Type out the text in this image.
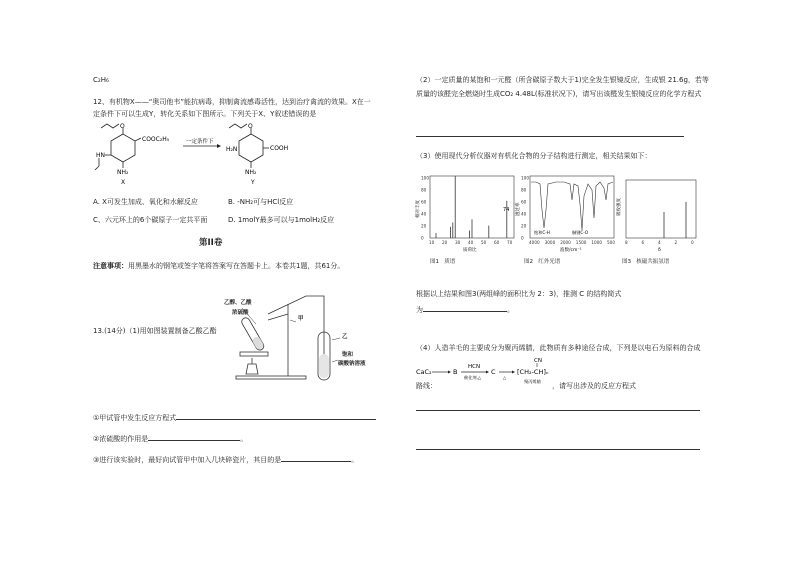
C₂H₆
12、有机物X——“奥司他韦”能抗病毒，抑制禽流感毒活性，达到治疗禽流的效果。X在一
定条件下可以生成Y，转化关系如下图所示。下列关于X、Y叙述错误的是
O
COOC₂H₅
HN
NH₂
X
一定条件下
O
COOH
H₂N
NH₂
Y
A. X可发生加成、氧化和水解反应	B. -NH₂可与HCl反应
C、六元环上的6个碳原子一定共平面	D. 1molY最多可以与1molH₂反应
第II卷
注意事项：用黑墨水的钢笔或签字笔将答案写在答题卡上。本卷共1题，共61分。
13.(14分)（1)用如图装置制备乙酸乙酯
乙醇、乙酸
浓硫酸
甲
乙
饱和
碳酸钠溶液
①甲试管中发生反应方程式
②浓硫酸的作用是	。
③进行该实验时，最好向试管甲中加入几块碎瓷片，其目的是	。
（2）一定质量的某饱和一元醛（所含碳原子数大于1)完全发生银镜反应，生成银 21.6g，若等
质量的该醛完全燃烧时生成CO₂ 4.48L(标准状况下)，请写出该醛发生银镜反应的化学方程式
（3）使用现代分析仪器对有机化合物的分子结构进行测定，相关结果如下：
10 20 30 40 50 60 70
100
80
60
40
20
0
74
质荷比
相对丰度
4000 3000 2000 1500 1000 500
100
80
60
40
20
0
饱和C-H	醚键C-O
波数/cm⁻¹
透过率
8	6	4	2	0
δ
吸收强度
图1 质谱	图2 红外光谱	图3 核磁共振氢谱
根据以上结果和图3(两组峰的面积比为 2：3)，推测 C 的结构简式
为	。
（4）人造羊毛的主要成分为聚丙烯腈，此物质有多种途径合成，下列是以电石为原料的合成
CaC₂	B
HCN
催化剂,△
C
△
CN
[CH₂-CH]ₙ
聚丙烯腈
路线：	，请写出涉及的反应方程式
